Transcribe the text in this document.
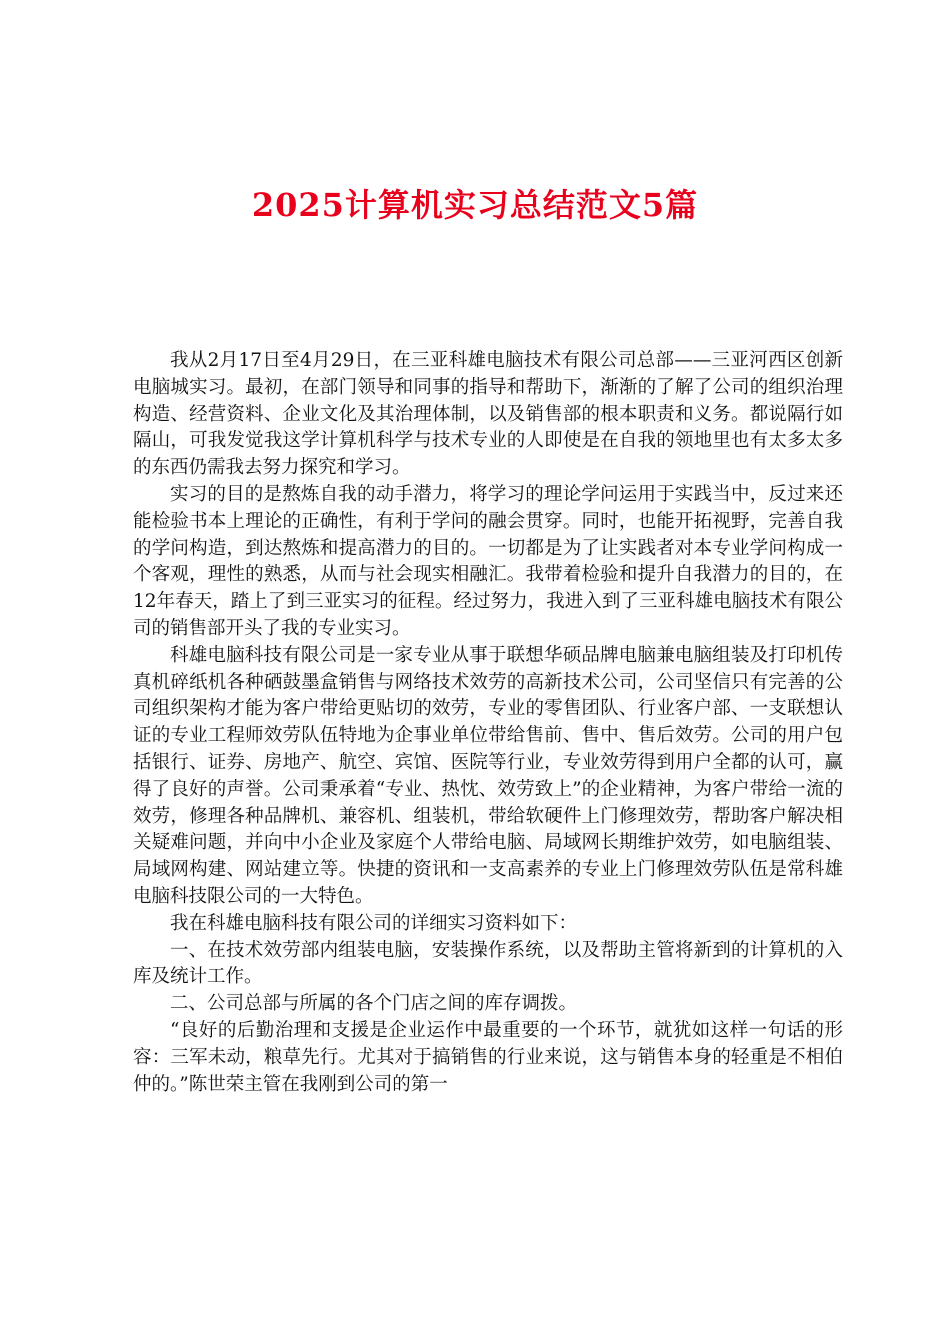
2025计算机实习总结范文5篇

我从2月17日至4月29日，在三亚科雄电脑技术有限公司总部——三亚河西区创新电脑城实习。最初，在部门领导和同事的指导和帮助下，渐渐的了解了公司的组织治理构造、经营资料、企业文化及其治理体制，以及销售部的根本职责和义务。都说隔行如隔山，可我发觉我这学计算机科学与技术专业的人即使是在自我的领地里也有太多太多的东西仍需我去努力探究和学习。

实习的目的是熬炼自我的动手潜力，将学习的理论学问运用于实践当中，反过来还能检验书本上理论的正确性，有利于学问的融会贯穿。同时，也能开拓视野，完善自我的学问构造，到达熬炼和提高潜力的目的。一切都是为了让实践者对本专业学问构成一个客观，理性的熟悉，从而与社会现实相融汇。我带着检验和提升自我潜力的目的，在12年春天，踏上了到三亚实习的征程。经过努力，我进入到了三亚科雄电脑技术有限公司的销售部开头了我的专业实习。

科雄电脑科技有限公司是一家专业从事于联想华硕品牌电脑兼电脑组装及打印机传真机碎纸机各种硒鼓墨盒销售与网络技术效劳的高新技术公司，公司坚信只有完善的公司组织架构才能为客户带给更贴切的效劳，专业的零售团队、行业客户部、一支联想认证的专业工程师效劳队伍特地为企事业单位带给售前、售中、售后效劳。公司的用户包括银行、证券、房地产、航空、宾馆、医院等行业，专业效劳得到用户全都的认可，赢得了良好的声誉。公司秉承着“专业、热忱、效劳致上”的企业精神，为客户带给一流的效劳，修理各种品牌机、兼容机、组装机，带给软硬件上门修理效劳，帮助客户解决相关疑难问题，并向中小企业及家庭个人带给电脑、局域网长期维护效劳，如电脑组装、局域网构建、网站建立等。快捷的资讯和一支高素养的专业上门修理效劳队伍是常科雄电脑科技限公司的一大特色。

我在科雄电脑科技有限公司的详细实习资料如下：

一、在技术效劳部内组装电脑，安装操作系统，以及帮助主管将新到的计算机的入库及统计工作。

二、公司总部与所属的各个门店之间的库存调拨。

“良好的后勤治理和支援是企业运作中最重要的一个环节，就犹如这样一句话的形容：三军未动，粮草先行。尤其对于搞销售的行业来说，这与销售本身的轻重是不相伯仲的。”陈世荣主管在我刚到公司的第一
